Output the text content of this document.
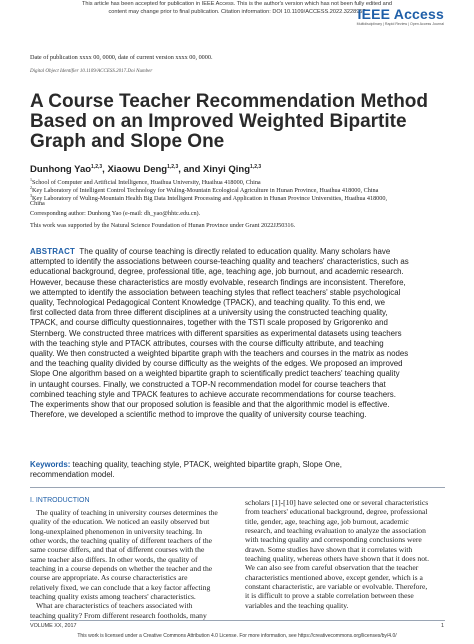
This article has been accepted for publication in IEEE Access. This is the author's version which has not been fully edited and
content may change prior to final publication. Citation information: DOI 10.1109/ACCESS.2022.3228957
IEEE Access
Multidisciplinary | Rapid Review | Open Access Journal
Date of publication xxxx 00, 0000, date of current version xxxx 00, 0000.
Digital Object Identifier 10.1109/ACCESS.2017.Doi Number
A Course Teacher Recommendation Method
Based on an Improved Weighted Bipartite
Graph and Slope One
Dunhong Yao$^{1,2,3}$, Xiaowu Deng$^{1,2,3}$, and Xinyi Qing$^{1,2,3}$
$^1$School of Computer and Artificial Intelligence, Huaihua University, Huaihua 418000, China
$^2$Key Laboratory of Intelligent Control Technology for Wuling-Mountain Ecological Agriculture in Hunan Province, Huaihua 418000, China
$^3$Key Laboratory of Wuling-Mountain Health Big Data Intelligent Processing and Application in Hunan Province Universities, Huaihua 418000,
China
Corresponding author: Dunhong Yao (e-mail: dh_yao@hhtc.edu.cn).
This work was supported by the Natural Science Foundation of Hunan Province under Grant 2022JJ50316.
ABSTRACT The quality of course teaching is directly related to education quality. Many scholars have
attempted to identify the associations between course-teaching quality and teachers' characteristics, such as
educational background, degree, professional title, age, teaching age, job burnout, and academic research.
However, because these characteristics are mostly evolvable, research findings are inconsistent. Therefore,
we attempted to identify the association between teaching styles that reflect teachers' stable psychological
quality, Technological Pedagogical Content Knowledge (TPACK), and teaching quality. To this end, we
first collected data from three different disciplines at a university using the constructed teaching quality,
TPACK, and course difficulty questionnaires, together with the TSTI scale proposed by Grigorenko and
Sternberg. We constructed three matrices with different sparsities as experimental datasets using teachers
with the teaching style and PTACK attributes, courses with the course difficulty attribute, and teaching
quality. We then constructed a weighted bipartite graph with the teachers and courses in the matrix as nodes
and the teaching quality divided by course difficulty as the weights of the edges. We proposed an improved
Slope One algorithm based on a weighted bipartite graph to scientifically predict teachers' teaching quality
in untaught courses. Finally, we constructed a TOP-N recommendation model for course teachers that
combined teaching style and TPACK features to achieve accurate recommendations for course teachers.
The experiments show that our proposed solution is feasible and that the algorithmic model is effective.
Therefore, we developed a scientific method to improve the quality of university course teaching.
Keywords: teaching quality, teaching style, PTACK, weighted bipartite graph, Slope One,
recommendation model.
I. INTRODUCTION
The quality of teaching in university courses determines the
quality of the education. We noticed an easily observed but
long-unexplained phenomenon in university teaching. In
other words, the teaching quality of different teachers of the
same course differs, and that of different courses with the
same teacher also differs. In other words, the quality of
teaching in a course depends on whether the teacher and the
course are appropriate. As course characteristics are
relatively fixed, we can conclude that a key factor affecting
teaching quality exists among teachers' characteristics.
What are characteristics of teachers associated with
teaching quality? From different research footholds, many
scholars [1]-[10] have selected one or several characteristics
from teachers' educational background, degree, professional
title, gender, age, teaching age, job burnout, academic
research, and teaching evaluation to analyze the association
with teaching quality and corresponding conclusions were
drawn. Some studies have shown that it correlates with
teaching quality, whereas others have shown that it does not.
We can also see from careful observation that the teacher
characteristics mentioned above, except gender, which is a
constant characteristic, are variable or evolvable. Therefore,
it is difficult to prove a stable correlation between these
variables and the teaching quality.
VOLUME XX, 2017	1
This work is licensed under a Creative Commons Attribution 4.0 License. For more information, see https://creativecommons.org/licenses/by/4.0/
